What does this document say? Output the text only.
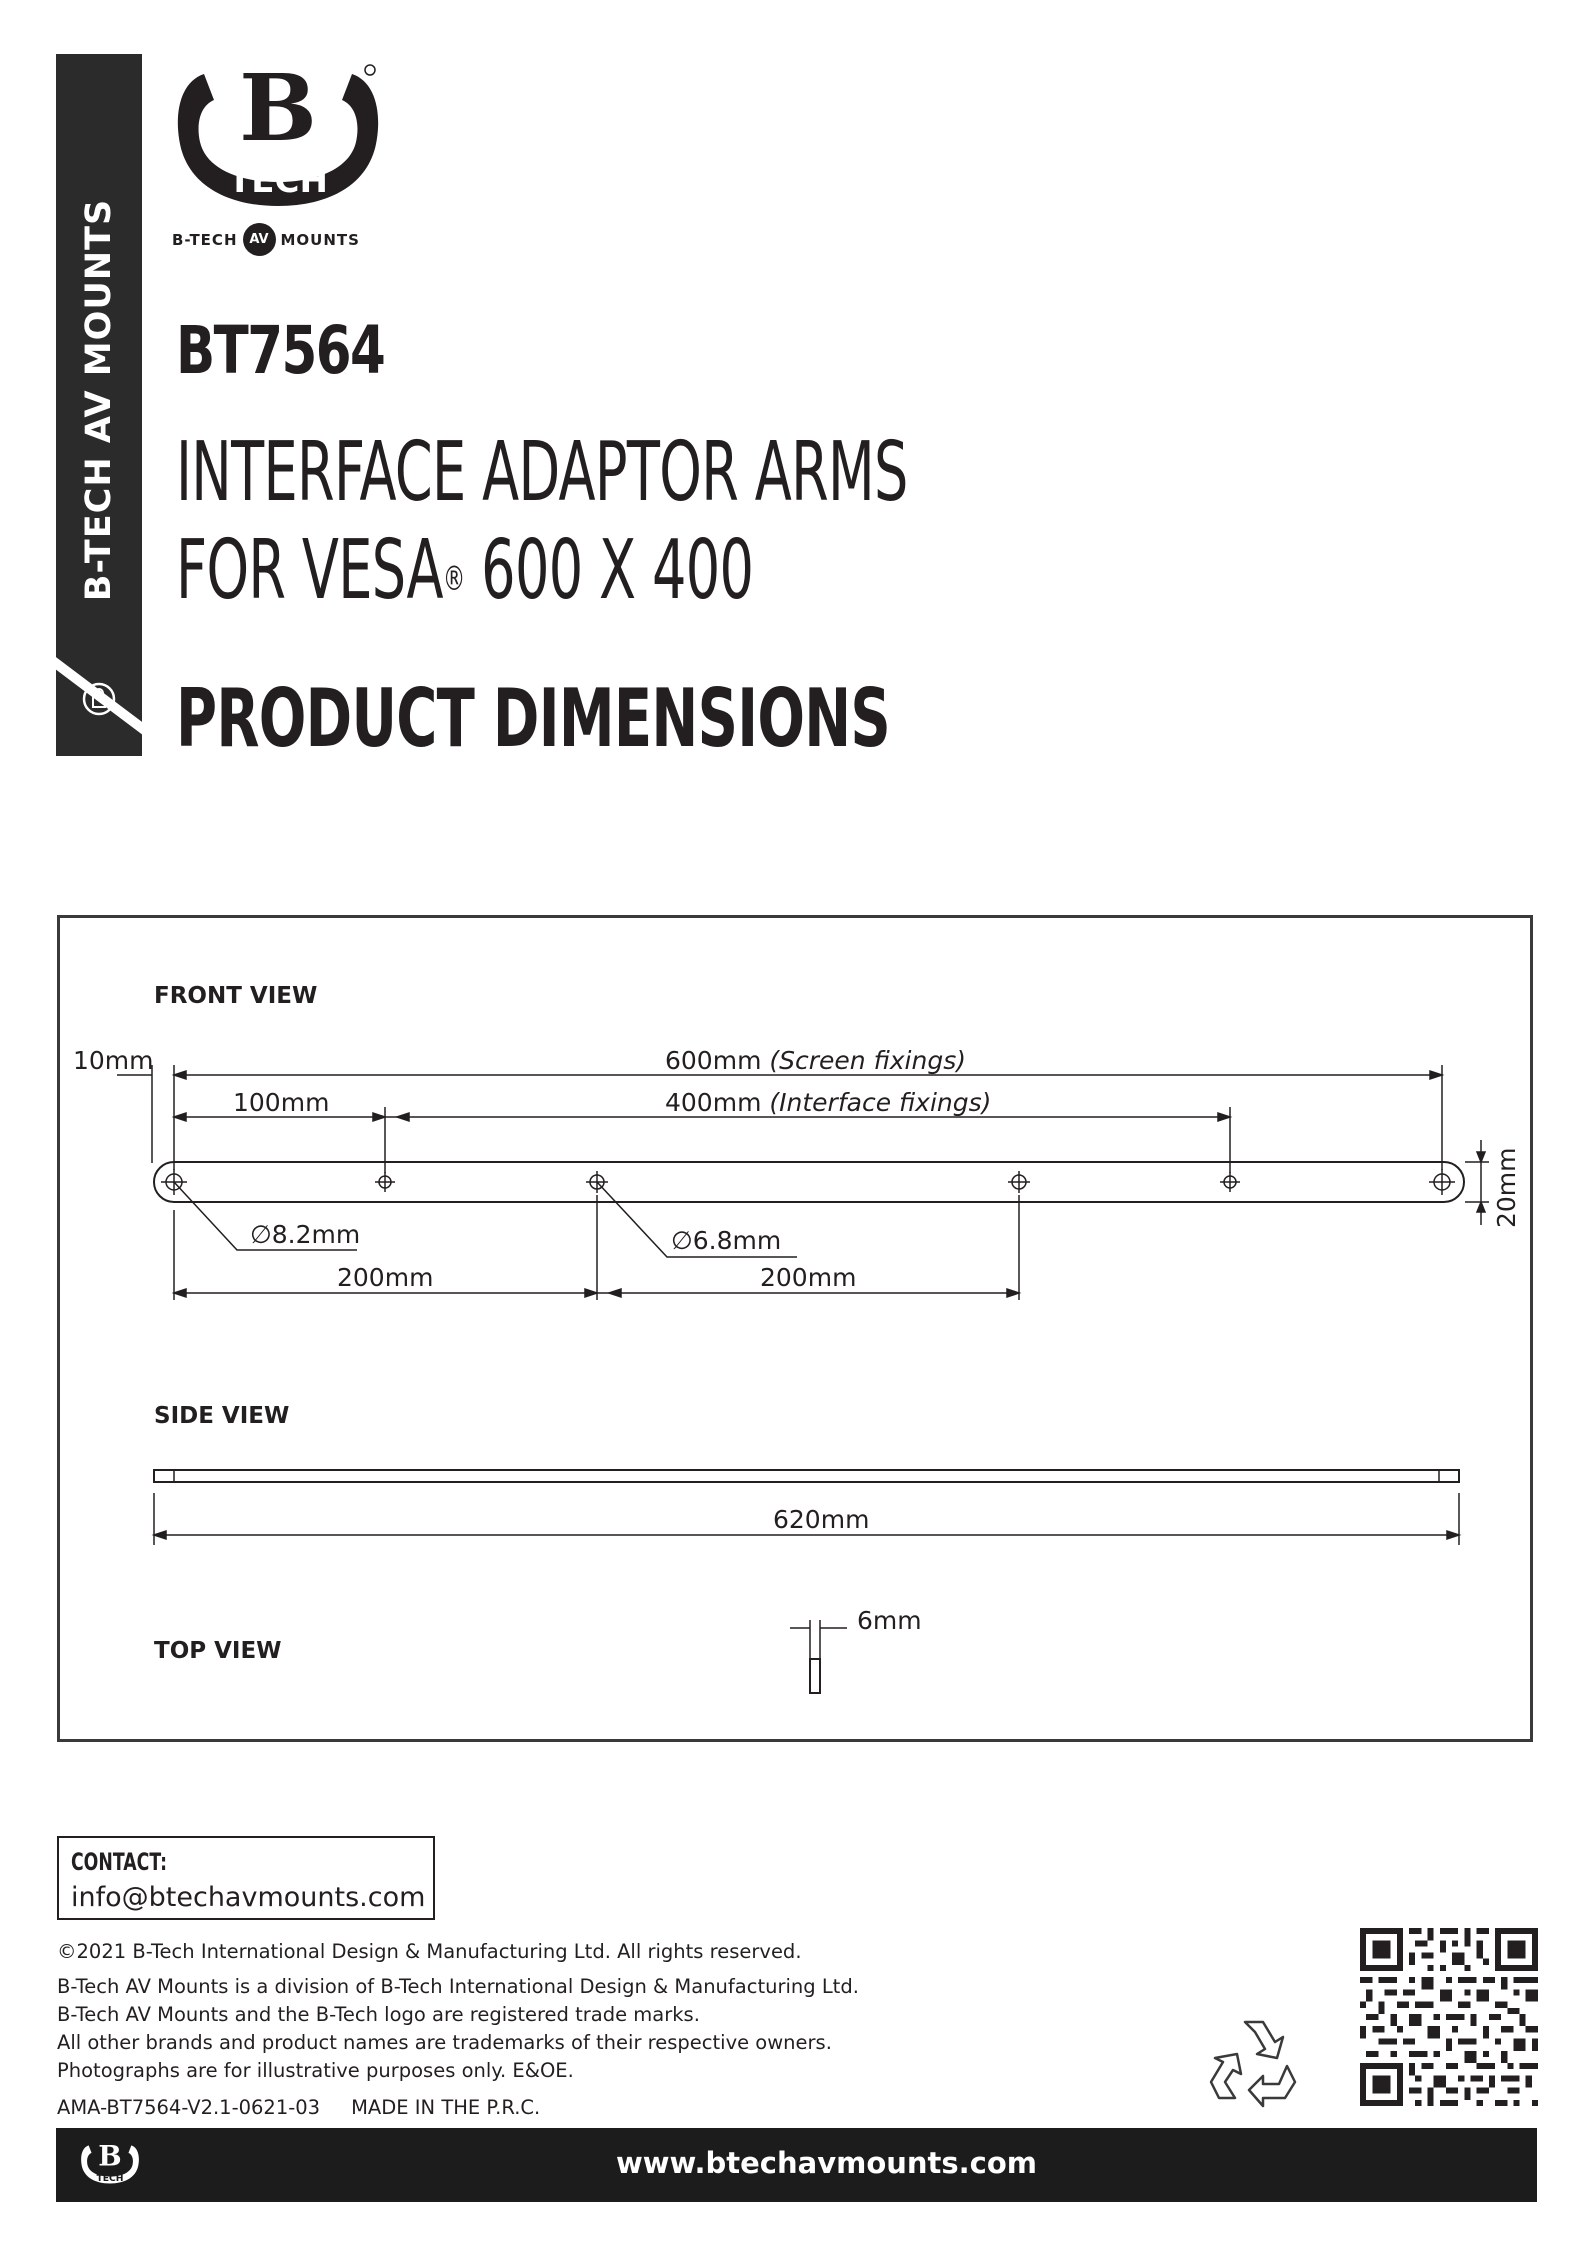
B-TECH AV MOUNTS
B
TECH
B-TECH AV MOUNTS
BT7564
INTERFACE ADAPTOR ARMS
FOR VESA® 600 X 400
PRODUCT DIMENSIONS
FRONT VIEW
10mm	600mm (Screen fixings)
100mm	400mm (Interface fixings)
20mm
∅8.2mm	∅6.8mm
200mm	200mm
SIDE VIEW
620mm
TOP VIEW
6mm
CONTACT:
info@btechavmounts.com
©2021 B-Tech International Design & Manufacturing Ltd. All rights reserved.
B-Tech AV Mounts is a division of B-Tech International Design & Manufacturing Ltd.
B-Tech AV Mounts and the B-Tech logo are registered trade marks.
All other brands and product names are trademarks of their respective owners.
Photographs are for illustrative purposes only. E&OE.
AMA-BT7564-V2.1-0621-03 MADE IN THE P.R.C.
B
TECH	www.btechavmounts.com
